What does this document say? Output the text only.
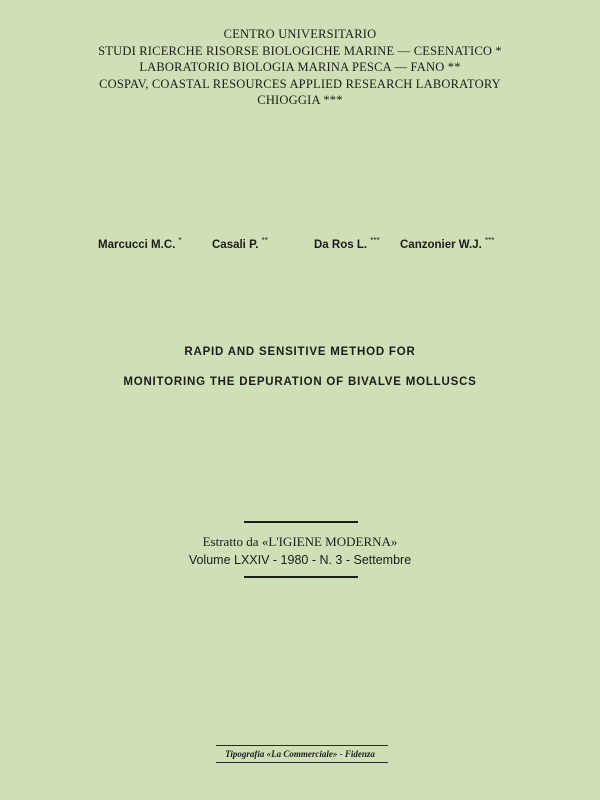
CENTRO UNIVERSITARIO
STUDI RICERCHE RISORSE BIOLOGICHE MARINE — CESENATICO *
LABORATORIO BIOLOGIA MARINA PESCA — FANO **
COSPAV, COASTAL RESOURCES APPLIED RESEARCH LABORATORY
CHIOGGIA ***
Marcucci M.C. *	Casali P. **	Da Ros L. *** Canzonier W.J. ***
RAPID AND SENSITIVE METHOD FOR
MONITORING THE DEPURATION OF BIVALVE MOLLUSCS
Estratto da «L'IGIENE MODERNA»
Volume LXXIV - 1980 - N. 3 - Settembre
Tipografia «La Commerciale» - Fidenza
